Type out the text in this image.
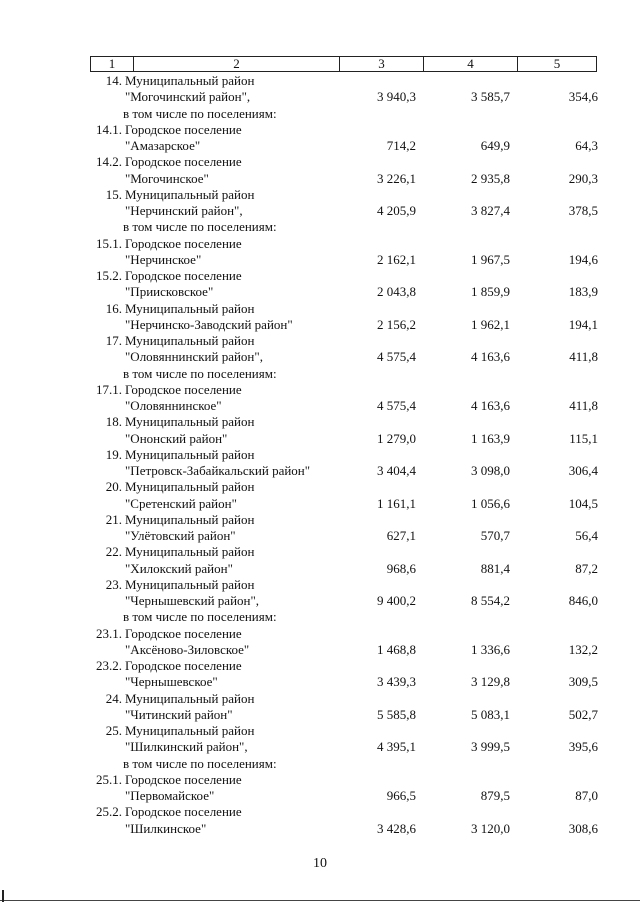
1	2	3	4	5
14. Муниципальный район
"Могочинский район",	3 940,3	3 585,7	354,6
в том числе по поселениям:
14.1. Городское поселение
"Амазарское"	714,2	649,9	64,3
14.2. Городское поселение
"Могочинское"	3 226,1	2 935,8	290,3
15. Муниципальный район
"Нерчинский район",	4 205,9	3 827,4	378,5
в том числе по поселениям:
15.1. Городское поселение
"Нерчинское"	2 162,1	1 967,5	194,6
15.2. Городское поселение
"Приисковское"	2 043,8	1 859,9	183,9
16. Муниципальный район
"Нерчинско-Заводский район"	2 156,2	1 962,1	194,1
17. Муниципальный район
"Оловяннинский район",	4 575,4	4 163,6	411,8
в том числе по поселениям:
17.1. Городское поселение
"Оловяннинское"	4 575,4	4 163,6	411,8
18. Муниципальный район
"Ононский район"	1 279,0	1 163,9	115,1
19. Муниципальный район
"Петровск-Забайкальский район"	3 404,4	3 098,0	306,4
20. Муниципальный район
"Сретенский район"	1 161,1	1 056,6	104,5
21. Муниципальный район
"Улётовский район"	627,1	570,7	56,4
22. Муниципальный район
"Хилокский район"	968,6	881,4	87,2
23. Муниципальный район
"Чернышевский район",	9 400,2	8 554,2	846,0
в том числе по поселениям:
23.1. Городское поселение
"Аксёново-Зиловское"	1 468,8	1 336,6	132,2
23.2. Городское поселение
"Чернышевское"	3 439,3	3 129,8	309,5
24. Муниципальный район
"Читинский район"	5 585,8	5 083,1	502,7
25. Муниципальный район
"Шилкинский район",	4 395,1	3 999,5	395,6
в том числе по поселениям:
25.1. Городское поселение
"Первомайское"	966,5	879,5	87,0
25.2. Городское поселение
"Шилкинское"	3 428,6	3 120,0	308,6
10
